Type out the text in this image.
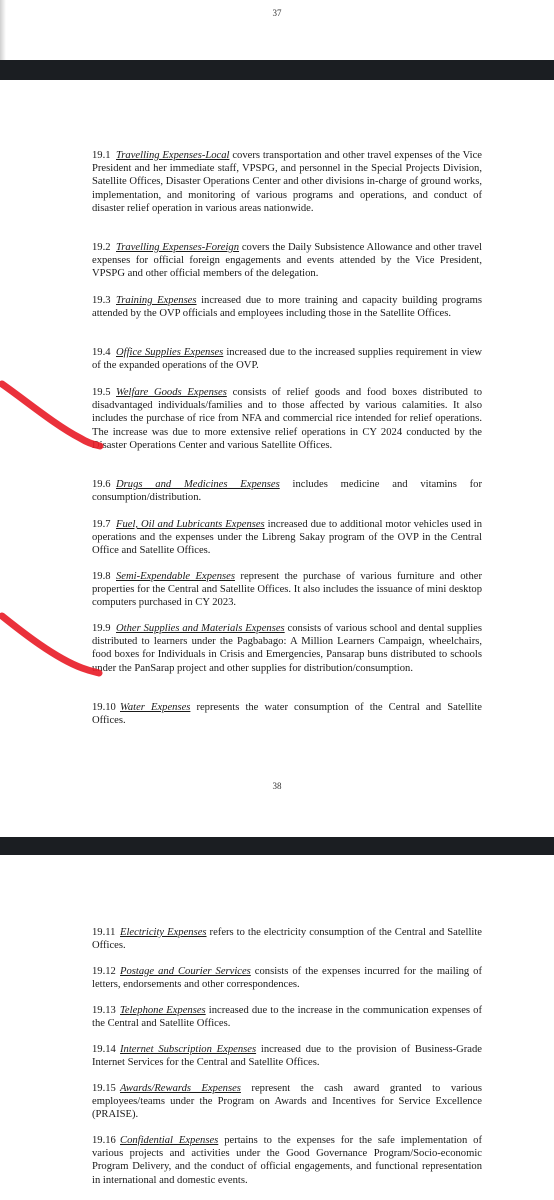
37
19.1 Travelling Expenses-Local covers transportation and other travel expenses of the Vice President and her immediate staff, VPSPG, and personnel in the Special Projects Division, Satellite Offices, Disaster Operations Center and other divisions in-charge of ground works, implementation, and monitoring of various programs and operations, and conduct of disaster relief operation in various areas nationwide.
19.2 Travelling Expenses-Foreign covers the Daily Subsistence Allowance and other travel expenses for official foreign engagements and events attended by the Vice President, VPSPG and other official members of the delegation.
19.3 Training Expenses increased due to more training and capacity building programs attended by the OVP officials and employees including those in the Satellite Offices.
19.4 Office Supplies Expenses increased due to the increased supplies requirement in view of the expanded operations of the OVP.
19.5 Welfare Goods Expenses consists of relief goods and food boxes distributed to disadvantaged individuals/families and to those affected by various calamities. It also includes the purchase of rice from NFA and commercial rice intended for relief operations. The increase was due to more extensive relief operations in CY 2024 conducted by the Disaster Operations Center and various Satellite Offices.
19.6 Drugs and Medicines Expenses includes medicine and vitamins for consumption/distribution.
19.7 Fuel, Oil and Lubricants Expenses increased due to additional motor vehicles used in operations and the expenses under the Libreng Sakay program of the OVP in the Central Office and Satellite Offices.
19.8 Semi-Expendable Expenses represent the purchase of various furniture and other properties for the Central and Satellite Offices. It also includes the issuance of mini desktop computers purchased in CY 2023.
19.9 Other Supplies and Materials Expenses consists of various school and dental supplies distributed to learners under the Pagbabago: A Million Learners Campaign, wheelchairs, food boxes for Individuals in Crisis and Emergencies, Pansarap buns distributed to schools under the PanSarap project and other supplies for distribution/consumption.
19.10 Water Expenses represents the water consumption of the Central and Satellite Offices.
38
19.11 Electricity Expenses refers to the electricity consumption of the Central and Satellite Offices.
19.12 Postage and Courier Services consists of the expenses incurred for the mailing of letters, endorsements and other correspondences.
19.13 Telephone Expenses increased due to the increase in the communication expenses of the Central and Satellite Offices.
19.14 Internet Subscription Expenses increased due to the provision of Business-Grade Internet Services for the Central and Satellite Offices.
19.15 Awards/Rewards Expenses represent the cash award granted to various employees/teams under the Program on Awards and Incentives for Service Excellence (PRAISE).
19.16 Confidential Expenses pertains to the expenses for the safe implementation of various projects and activities under the Good Governance Program/Socio-economic Program Delivery, and the conduct of official engagements, and functional representation in international and domestic events.
